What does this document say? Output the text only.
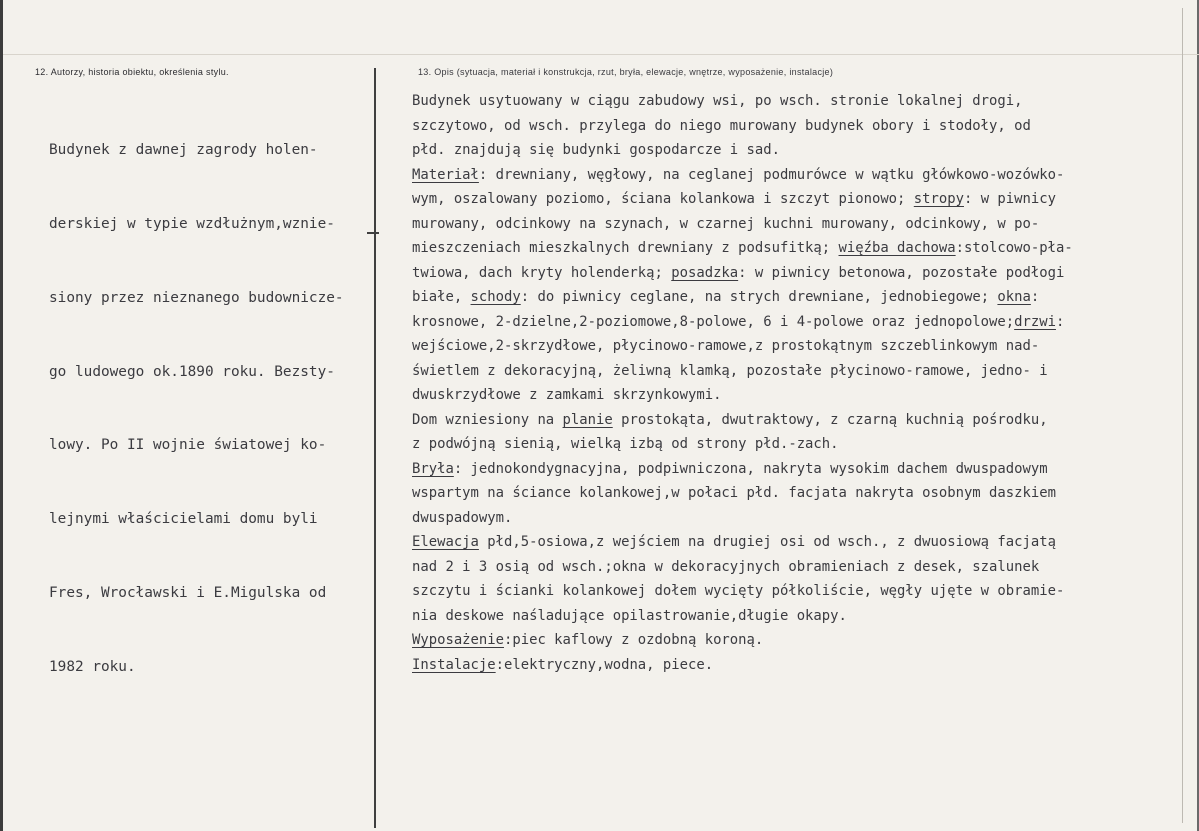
12. Autorzy, historia obiektu, określenia stylu.	13. Opis (sytuacja, materiał i konstrukcja, rzut, bryła, elewacje, wnętrze, wyposażenie, instalacje)

Budynek z dawnej zagrody holen-

derskiej w typie wzdłużnym,wznie-

siony przez nieznanego budowniczе-

go ludowego ok.1890 roku. Bezsty-

lowy. Po II wojnie światowej ko-

lejnymi właścicielami domu byli

Fres, Wrocławski i E.Migulska od

1982 roku.

Budynek usytuowany w ciągu zabudowy wsi, po wsch. stronie lokalnej drogi,
szczytowo, od wsch. przylega do niego murowany budynek obory i stodoły, od
płd. znajdują się budynki gospodarcze i sad.
Materiał: drewniany, węgłowy, na ceglanej podmurówce w wątku główkowo-wozówko-
wym, oszalowany poziomo, ściana kolankowa i szczyt pionowo; stropy: w piwnicy
murowany, odcinkowy na szynach, w czarnej kuchni murowany, odcinkowy, w po-
mieszczeniach mieszkalnych drewniany z podsufitką; więźba dachowa:stolcowo-pła-
twiowa, dach kryty holenderką; posadzka: w piwnicy betonowa, pozostałe podłogi
białe, schody: do piwnicy ceglane, na strych drewniane, jednobiegowe; okna:
krosnowe, 2-dzielne,2-poziomowe,8-polowe, 6 i 4-polowe oraz jednopolowe;drzwi:
wejściowe,2-skrzydłowe, płycinowo-ramowe,z prostokątnym szczeblinkowym nad-
świetlem z dekoracyjną, żeliwną klamką, pozostałe płycinowo-ramowe, jedno- i
dwuskrzydłowe z zamkami skrzynkowymi.
Dom wzniesiony na planie prostokąta, dwutraktowy, z czarną kuchnią pośrodku,
z podwójną sienią, wielką izbą od strony płd.-zach.
Bryła: jednokondygnacyjna, podpiwniczona, nakryta wysokim dachem dwuspadowym
wspartym na ściance kolankowej,w połaci płd. facjata nakryta osobnym daszkiem
dwuspadowym.
Elewacja płd,5-osiowa,z wejściem na drugiej osi od wsch., z dwuosiową facjatą
nad 2 i 3 osią od wsch.;okna w dekoracyjnych obramieniach z desek, szalunek
szczytu i ścianki kolankowej dołem wycięty półkoliście, węgły ujęte w obramie-
nia deskowe naśladujące opilastrowanie,długie okapy.
Wyposażenie:piec kaflowy z ozdobną koroną.
Instalacje:elektryczny,wodna, piece.
